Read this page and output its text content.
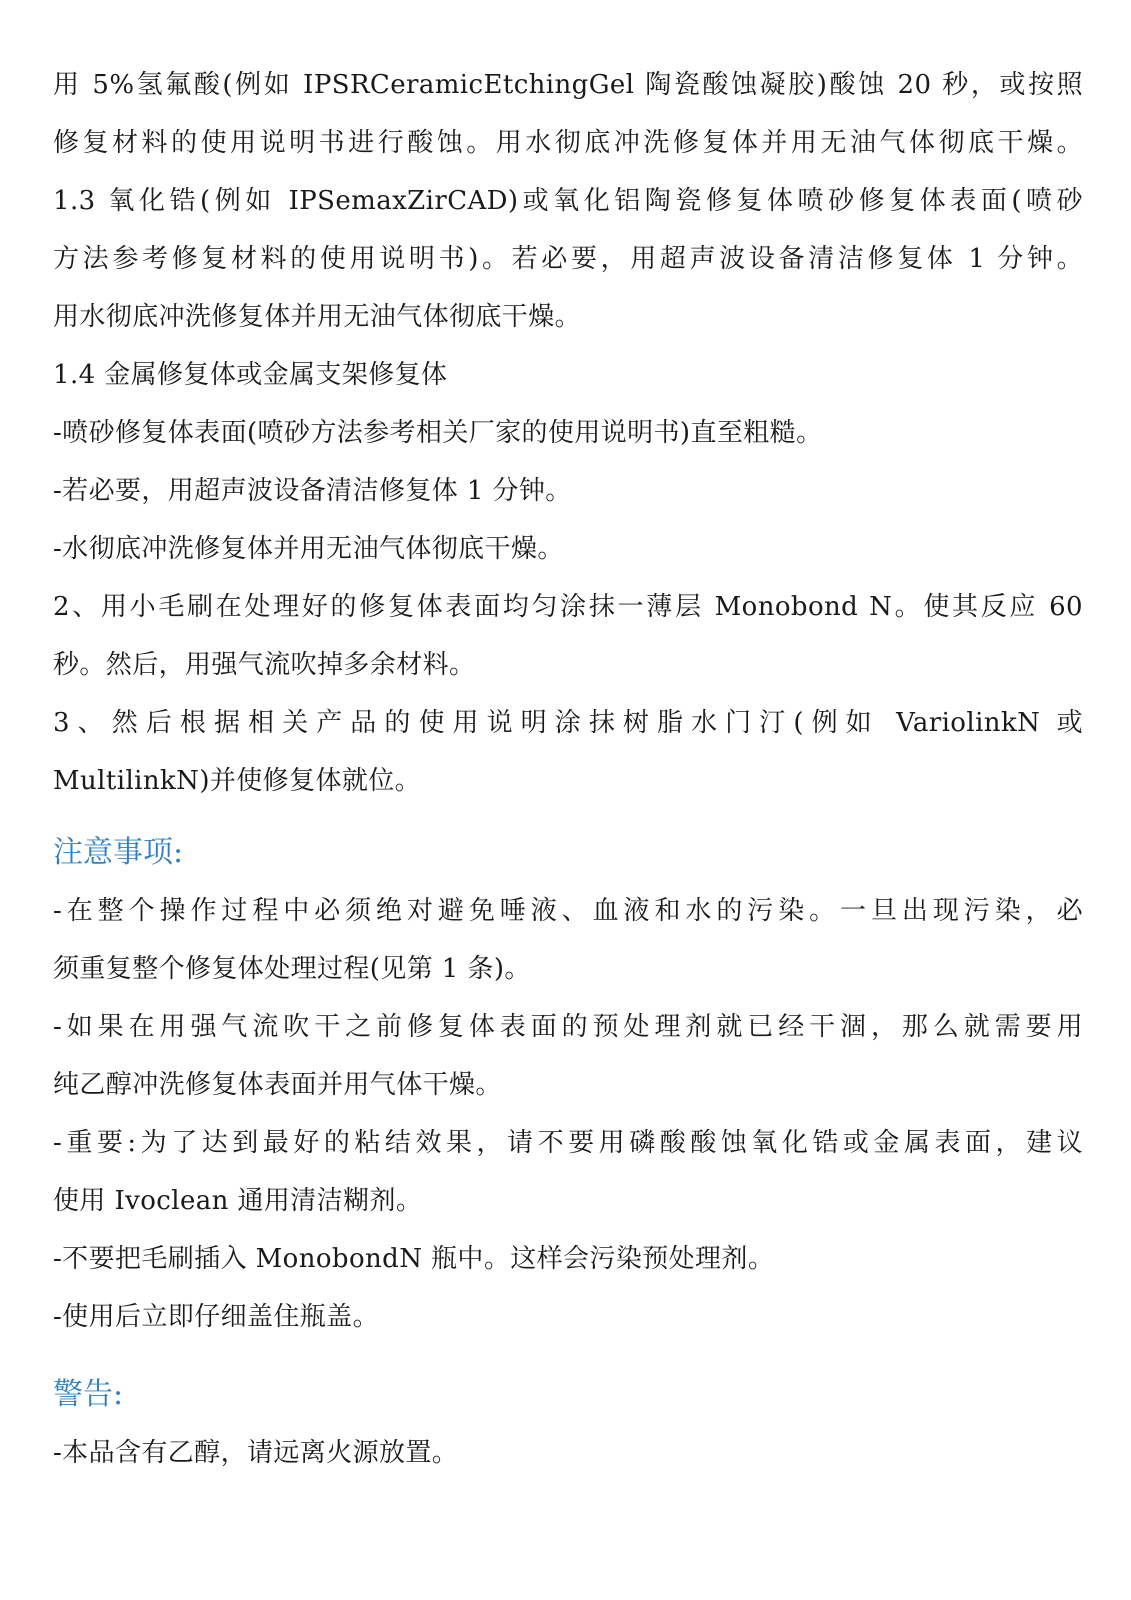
用 5%氢氟酸(例如 IPSRCeramicEtchingGel 陶瓷酸蚀凝胶)酸蚀 20 秒，或按照
修复材料的使用说明书进行酸蚀。用水彻底冲洗修复体并用无油气体彻底干燥。
1.3 氧化锆(例如 IPSemaxZirCAD)或氧化铝陶瓷修复体喷砂修复体表面(喷砂
方法参考修复材料的使用说明书)。若必要，用超声波设备清洁修复体 1 分钟。
用水彻底冲洗修复体并用无油气体彻底干燥。
1.4 金属修复体或金属支架修复体
-喷砂修复体表面(喷砂方法参考相关厂家的使用说明书)直至粗糙。
-若必要，用超声波设备清洁修复体 1 分钟。
-水彻底冲洗修复体并用无油气体彻底干燥。
2、用小毛刷在处理好的修复体表面均匀涂抹一薄层 Monobond N。使其反应 60
秒。然后，用强气流吹掉多余材料。
3、然后根据相关产品的使用说明涂抹树脂水门汀(例如 VariolinkN 或
MultilinkN)并使修复体就位。
注意事项:
-在整个操作过程中必须绝对避免唾液、血液和水的污染。一旦出现污染，必
须重复整个修复体处理过程(见第 1 条)。
-如果在用强气流吹干之前修复体表面的预处理剂就已经干涸，那么就需要用
纯乙醇冲洗修复体表面并用气体干燥。
-重要:为了达到最好的粘结效果，请不要用磷酸酸蚀氧化锆或金属表面，建议
使用 Ivoclean 通用清洁糊剂。
-不要把毛刷插入 MonobondN 瓶中。这样会污染预处理剂。
-使用后立即仔细盖住瓶盖。
警告:
-本品含有乙醇，请远离火源放置。
